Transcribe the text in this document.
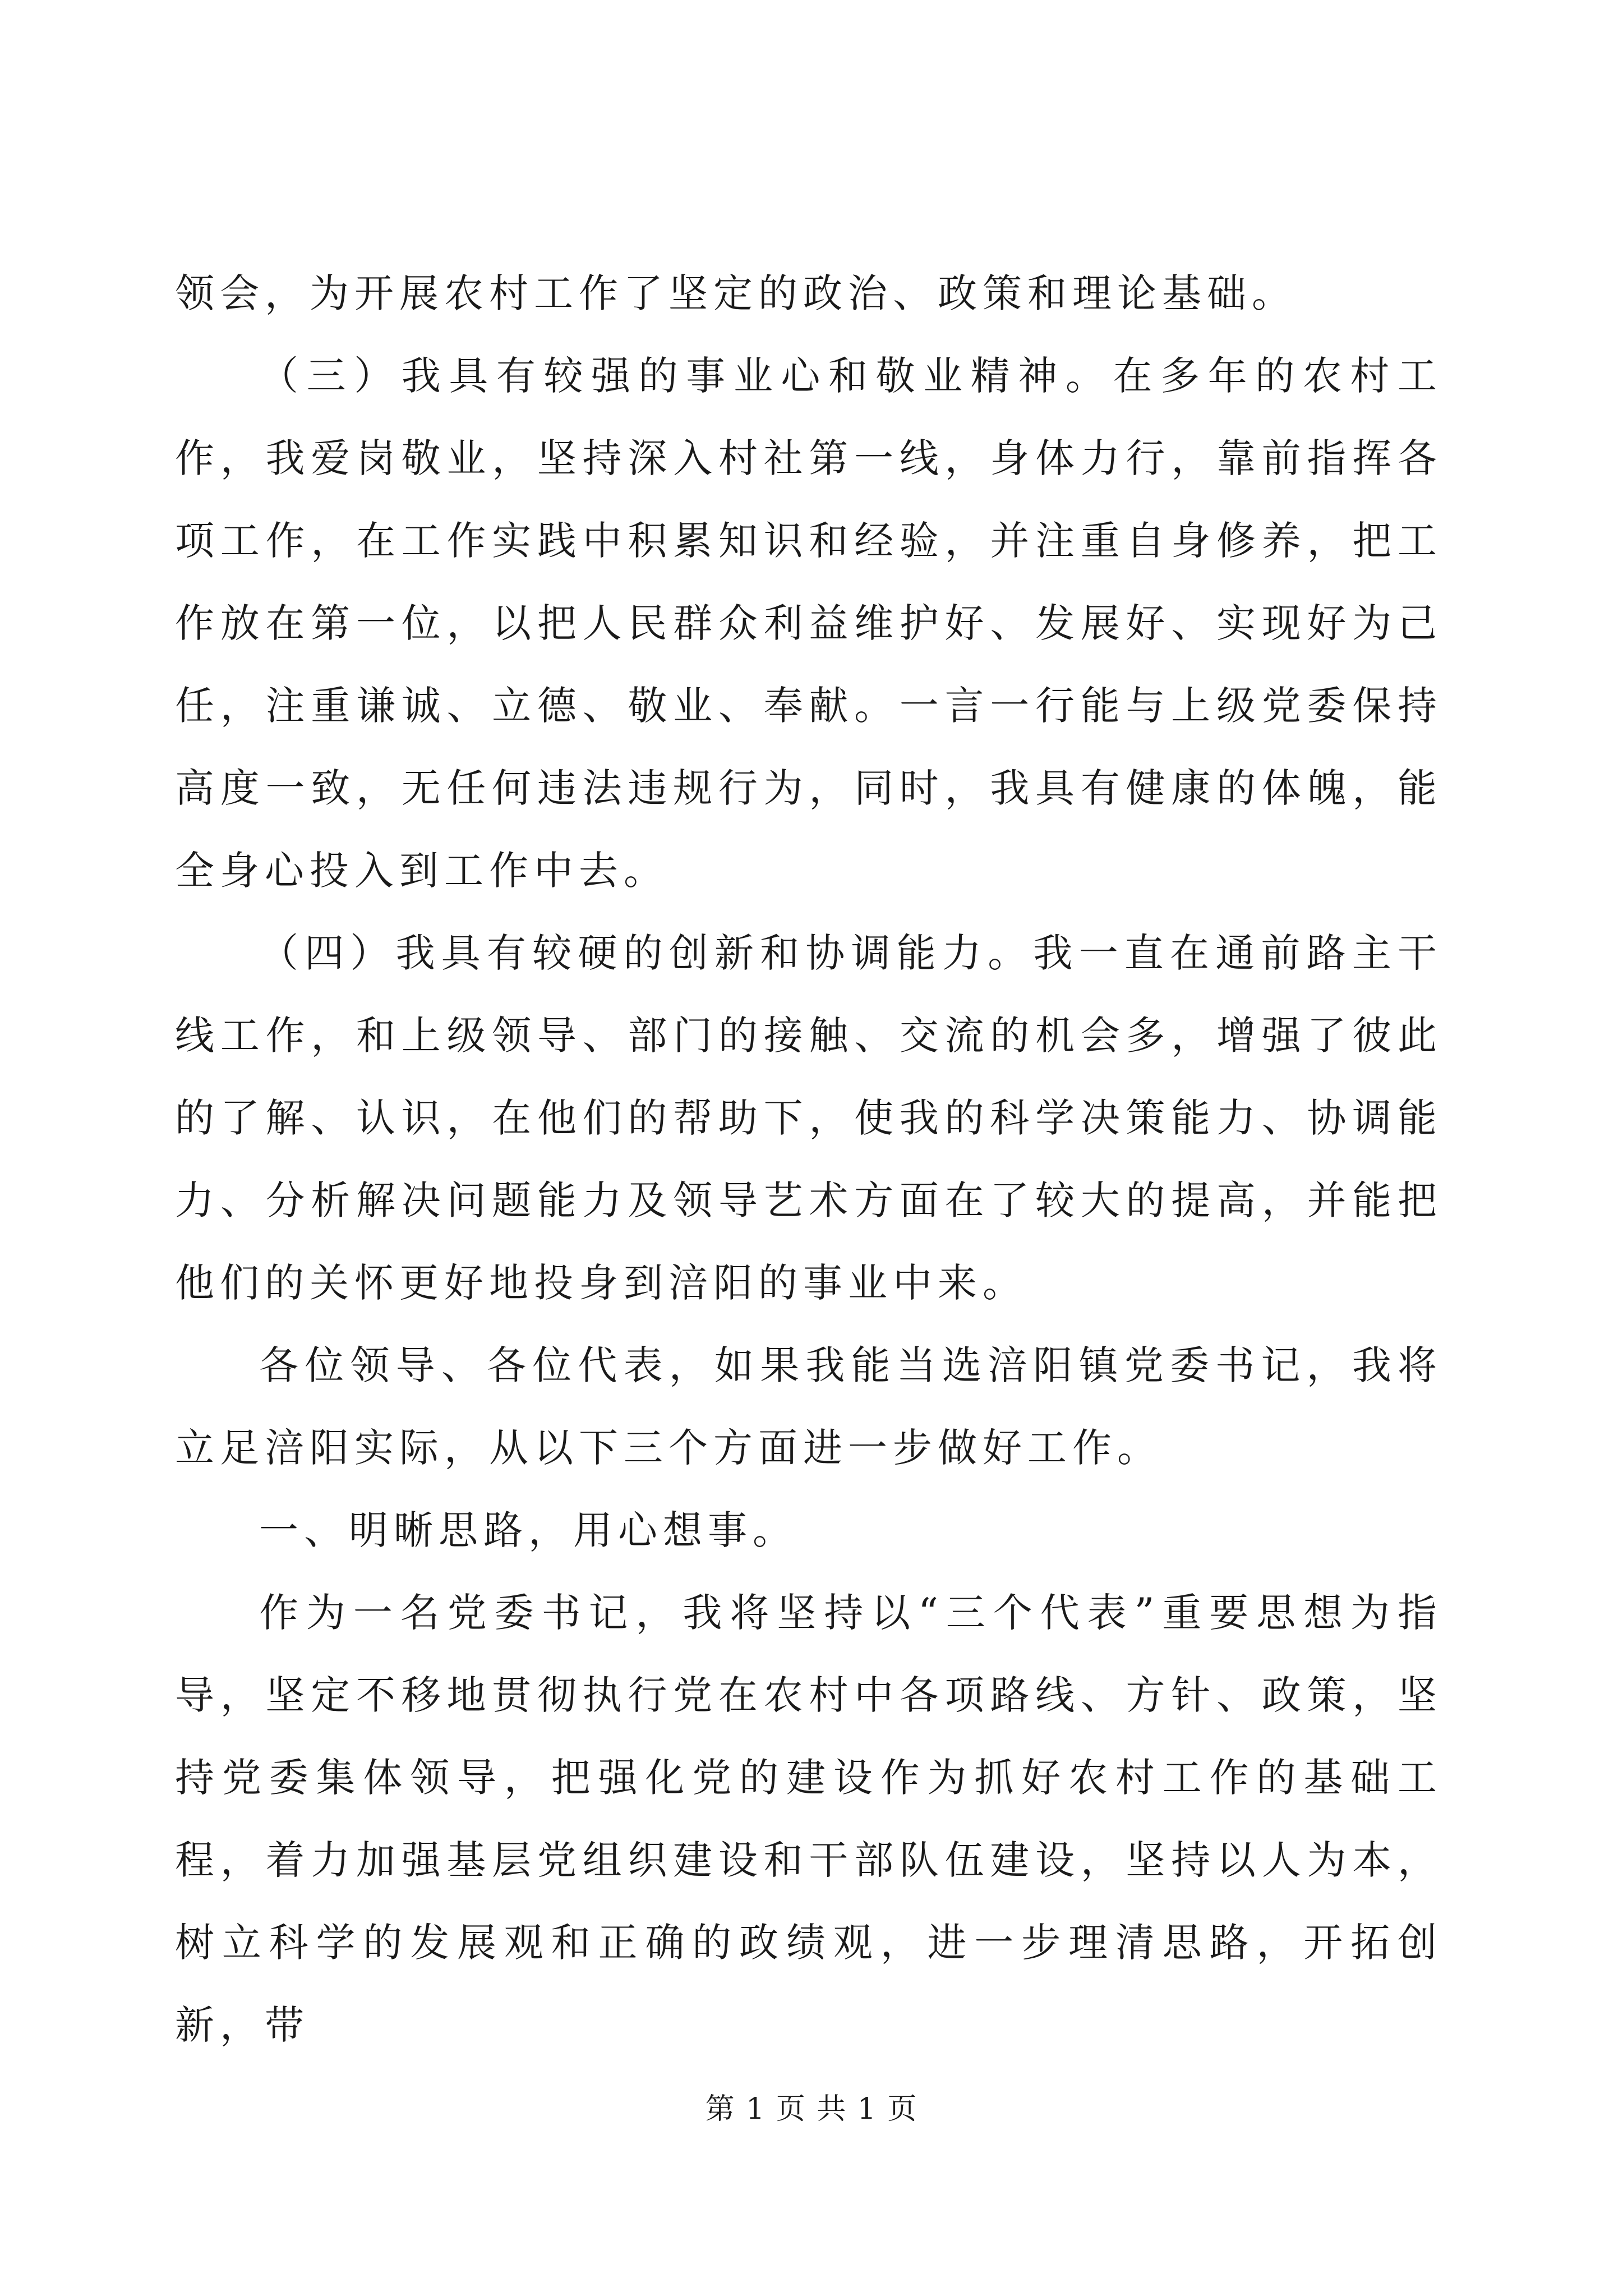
领会，为开展农村工作了坚定的政治、政策和理论基础。

（三）我具有较强的事业心和敬业精神。在多年的农村工作，我爱岗敬业，坚持深入村社第一线，身体力行，靠前指挥各项工作，在工作实践中积累知识和经验，并注重自身修养，把工作放在第一位，以把人民群众利益维护好、发展好、实现好为己任，注重谦诚、立德、敬业、奉献。一言一行能与上级党委保持高度一致，无任何违法违规行为，同时，我具有健康的体魄，能全身心投入到工作中去。

（四）我具有较硬的创新和协调能力。我一直在通前路主干线工作，和上级领导、部门的接触、交流的机会多，增强了彼此的了解、认识，在他们的帮助下，使我的科学决策能力、协调能力、分析解决问题能力及领导艺术方面在了较大的提高，并能把他们的关怀更好地投身到涪阳的事业中来。

各位领导、各位代表，如果我能当选涪阳镇党委书记，我将立足涪阳实际，从以下三个方面进一步做好工作。

一、明晰思路，用心想事。

作为一名党委书记，我将坚持以“三个代表”重要思想为指导，坚定不移地贯彻执行党在农村中各项路线、方针、政策，坚持党委集体领导，把强化党的建设作为抓好农村工作的基础工程，着力加强基层党组织建设和干部队伍建设，坚持以人为本，树立科学的发展观和正确的政绩观，进一步理清思路，开拓创新，带

第 1 页 共 1 页
